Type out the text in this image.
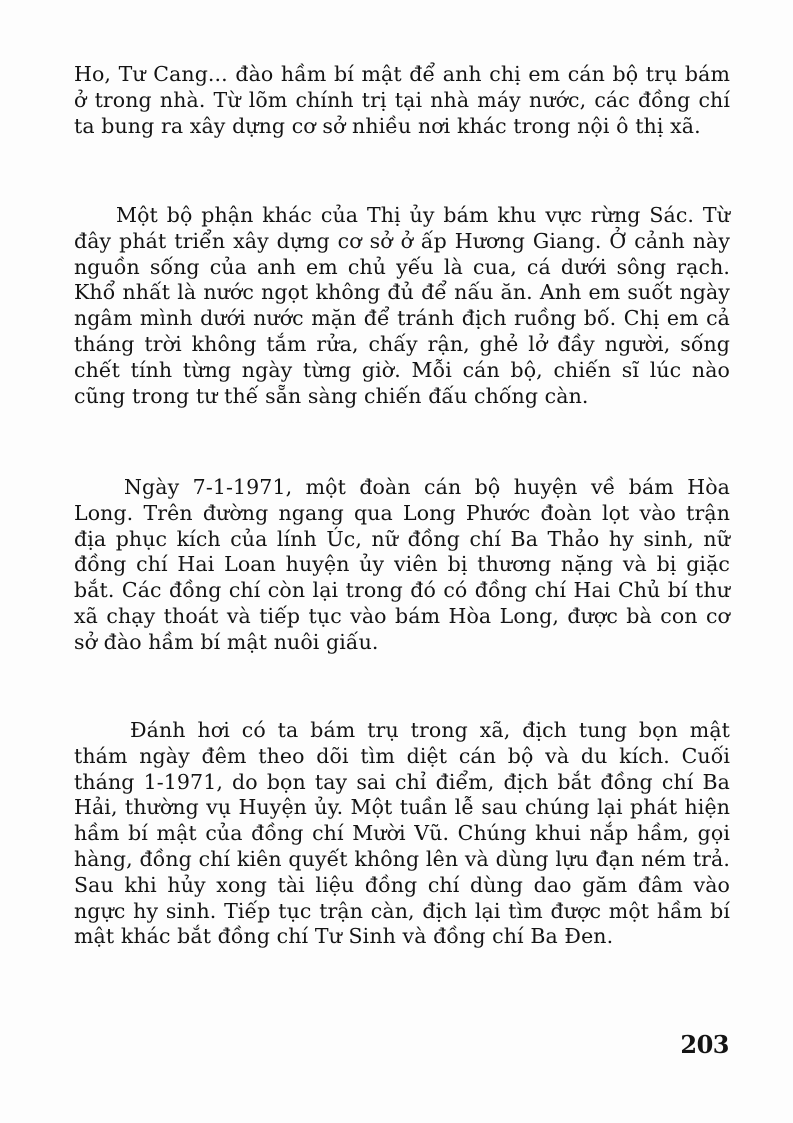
Ho, Tư Cang... đào hầm bí mật để anh chị em cán bộ trụ bám ở trong nhà. Từ lõm chính trị tại nhà máy nước, các đồng chí ta bung ra xây dựng cơ sở nhiều nơi khác trong nội ô thị xã.

Một bộ phận khác của Thị ủy bám khu vực rừng Sác. Từ đây phát triển xây dựng cơ sở ở ấp Hương Giang. Ở cảnh này nguồn sống của anh em chủ yếu là cua, cá dưới sông rạch. Khổ nhất là nước ngọt không đủ để nấu ăn. Anh em suốt ngày ngâm mình dưới nước mặn để tránh địch ruồng bố. Chị em cả tháng trời không tắm rửa, chấy rận, ghẻ lở đầy người, sống chết tính từng ngày từng giờ. Mỗi cán bộ, chiến sĩ lúc nào cũng trong tư thế sẵn sàng chiến đấu chống càn.

Ngày 7-1-1971, một đoàn cán bộ huyện về bám Hòa Long. Trên đường ngang qua Long Phước đoàn lọt vào trận địa phục kích của lính Úc, nữ đồng chí Ba Thảo hy sinh, nữ đồng chí Hai Loan huyện ủy viên bị thương nặng và bị giặc bắt. Các đồng chí còn lại trong đó có đồng chí Hai Chủ bí thư xã chạy thoát và tiếp tục vào bám Hòa Long, được bà con cơ sở đào hầm bí mật nuôi giấu.

Đánh hơi có ta bám trụ trong xã, địch tung bọn mật thám ngày đêm theo dõi tìm diệt cán bộ và du kích. Cuối tháng 1-1971, do bọn tay sai chỉ điểm, địch bắt đồng chí Ba Hải, thường vụ Huyện ủy. Một tuần lễ sau chúng lại phát hiện hầm bí mật của đồng chí Mười Vũ. Chúng khui nắp hầm, gọi hàng, đồng chí kiên quyết không lên và dùng lựu đạn ném trả. Sau khi hủy xong tài liệu đồng chí dùng dao găm đâm vào ngực hy sinh. Tiếp tục trận càn, địch lại tìm được một hầm bí mật khác bắt đồng chí Tư Sinh và đồng chí Ba Đen.

203
